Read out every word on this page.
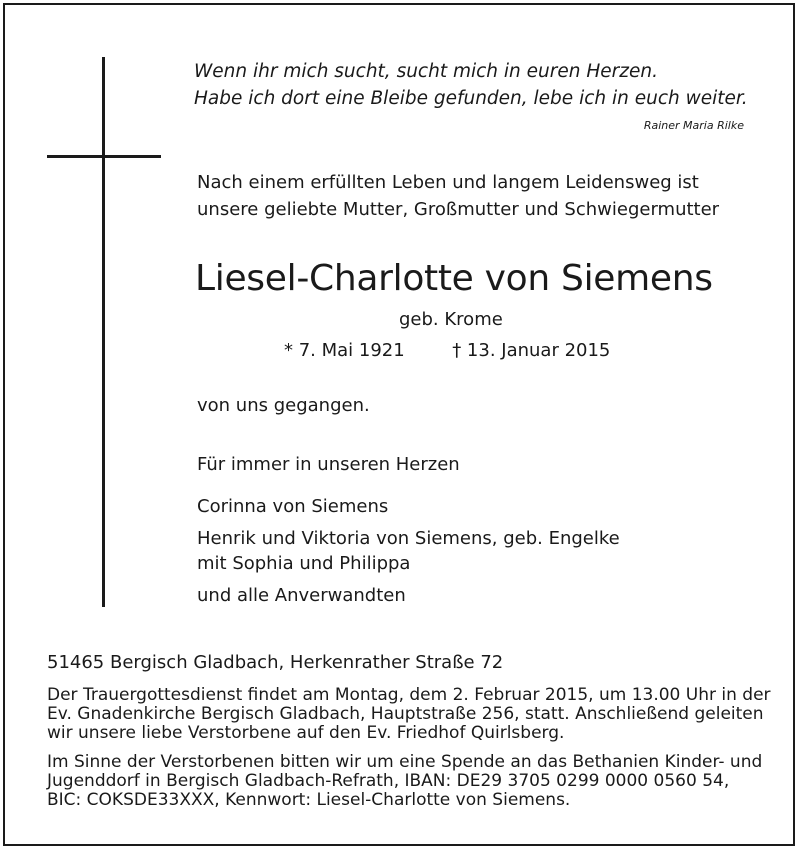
Wenn ihr mich sucht, sucht mich in euren Herzen.
Habe ich dort eine Bleibe gefunden, lebe ich in euch weiter.
Rainer Maria Rilke
Nach einem erfüllten Leben und langem Leidensweg ist
unsere geliebte Mutter, Großmutter und Schwiegermutter
Liesel-Charlotte von Siemens
geb. Krome
* 7. Mai 1921	† 13. Januar 2015
von uns gegangen.
Für immer in unseren Herzen
Corinna von Siemens
Henrik und Viktoria von Siemens, geb. Engelke
mit Sophia und Philippa
und alle Anverwandten
51465 Bergisch Gladbach, Herkenrather Straße 72
Der Trauergottesdienst findet am Montag, dem 2. Februar 2015, um 13.00 Uhr in der
Ev. Gnadenkirche Bergisch Gladbach, Hauptstraße 256, statt. Anschließend geleiten
wir unsere liebe Verstorbene auf den Ev. Friedhof Quirlsberg.
Im Sinne der Verstorbenen bitten wir um eine Spende an das Bethanien Kinder- und
Jugenddorf in Bergisch Gladbach-Refrath, IBAN: DE29 3705 0299 0000 0560 54,
BIC: COKSDE33XXX, Kennwort: Liesel-Charlotte von Siemens.
